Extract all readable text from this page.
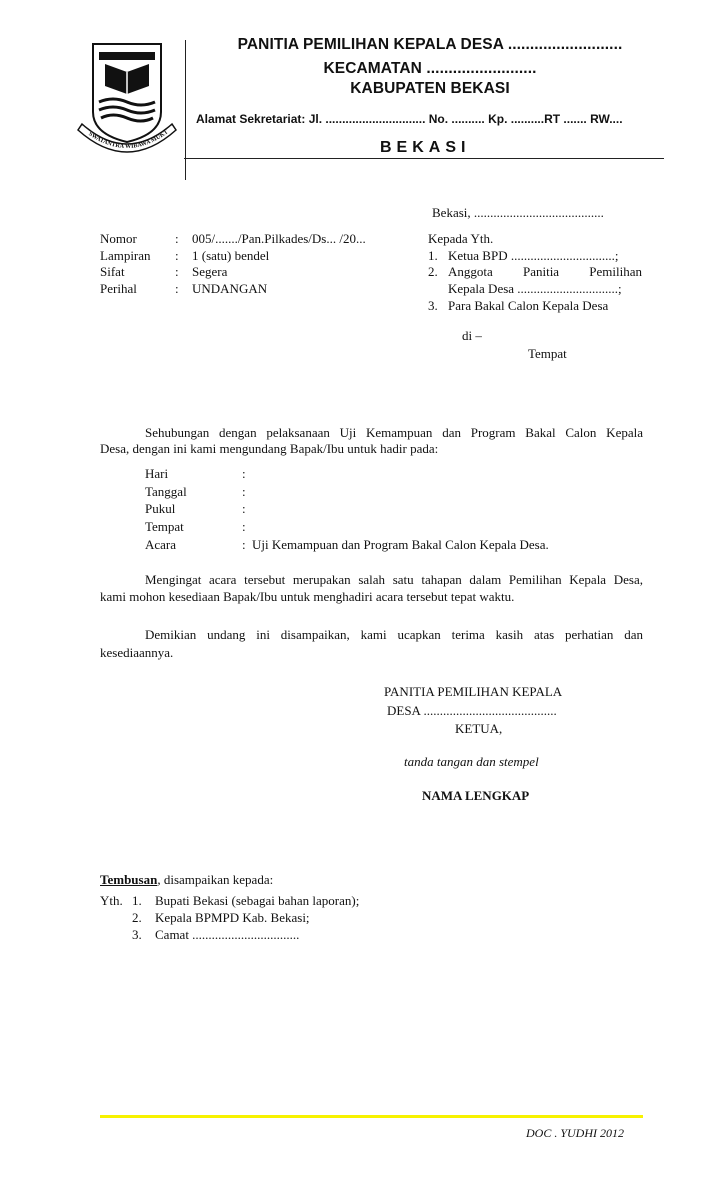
SWATANTRA WIBAWA MUKT
PANITIA PEMILIHAN KEPALA DESA ..........................
KECAMATAN .........................
KABUPATEN BEKASI
Alamat Sekretariat: Jl. .............................. No. .......... Kp. ..........RT ....... RW....
BEKASI
Bekasi, ........................................
Nomor	: 005/......./Pan.Pilkades/Ds... /20...
Lampiran : 1 (satu) bendel
Sifat	: Segera
Perihal	: UNDANGAN
Kepada Yth.
1. Ketua BPD ................................;
2. Anggota Panitia Pemilihan
Kepala Desa ...............................;
3. Para Bakal Calon Kepala Desa
di –
Tempat
Sehubungan dengan pelaksanaan Uji Kemampuan dan Program Bakal Calon Kepala
Desa, dengan ini kami mengundang Bapak/Ibu untuk hadir pada:
Hari	:
Tanggal	:
Pukul	:
Tempat	:
Acara	: Uji Kemampuan dan Program Bakal Calon Kepala Desa.
Mengingat acara tersebut merupakan salah satu tahapan dalam Pemilihan Kepala Desa,
kami mohon kesediaan Bapak/Ibu untuk menghadiri acara tersebut tepat waktu.
Demikian undang ini disampaikan, kami ucapkan terima kasih atas perhatian dan
kesediaannya.
PANITIA PEMILIHAN KEPALA
DESA .........................................
KETUA,
tanda tangan dan stempel
NAMA LENGKAP
Tembusan, disampaikan kepada:
Yth. 1. Bupati Bekasi (sebagai bahan laporan);
2. Kepala BPMPD Kab. Bekasi;
3. Camat .................................
DOC . YUDHI 2012
